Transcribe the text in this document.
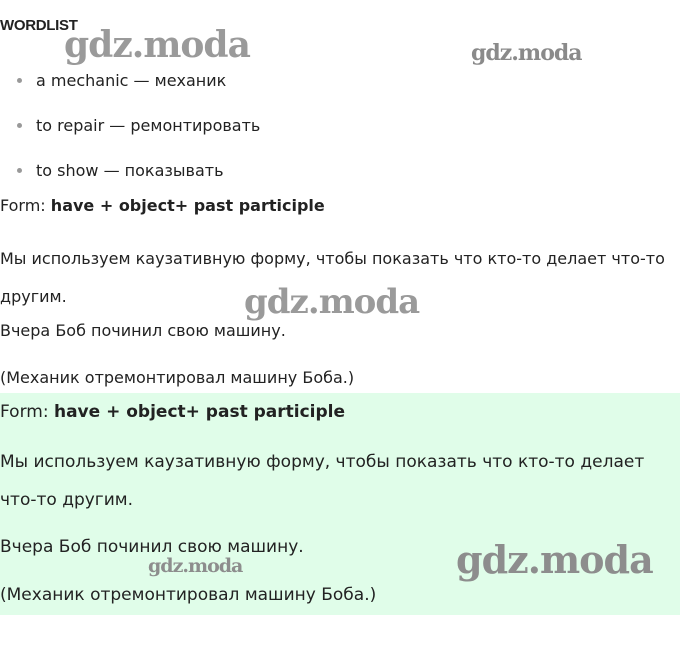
WORDLIST
a mechanic — механик
to repair — ремонтировать
to show — показывать

Form: have + object+ past participle

Мы используем каузативную форму, чтобы показать что кто-то делает что-то другим.

Вчера Боб починил свою машину.

(Механик отремонтировал машину Боба.)

Form: have + object+ past participle

Мы используем каузативную форму, чтобы показать что кто-то делает что-то другим.

Вчера Боб починил свою машину.

(Механик отремонтировал машину Боба.)

gdz.moda	gdz.moda
gdz.moda
gdz.moda
gdz.moda
